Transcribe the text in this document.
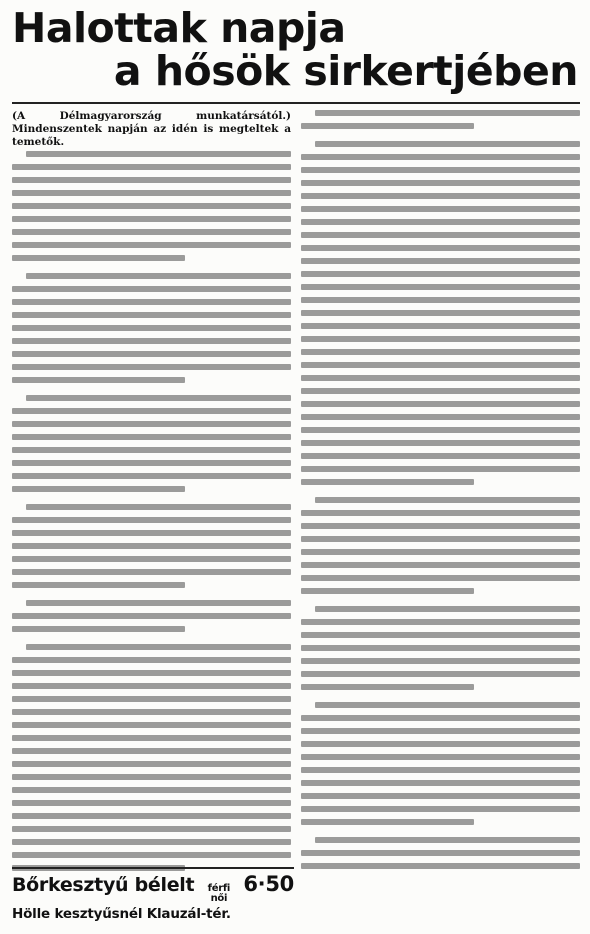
Halottak napja
a hősök sirkertjében

(A Délmagyarország munkatársától.) Mindenszentek napján az idén is megteltek a temetők.

Bőrkesztyű bélelt férfi
női
6·50
Hölle kesztyűsnél Klauzál-tér.
